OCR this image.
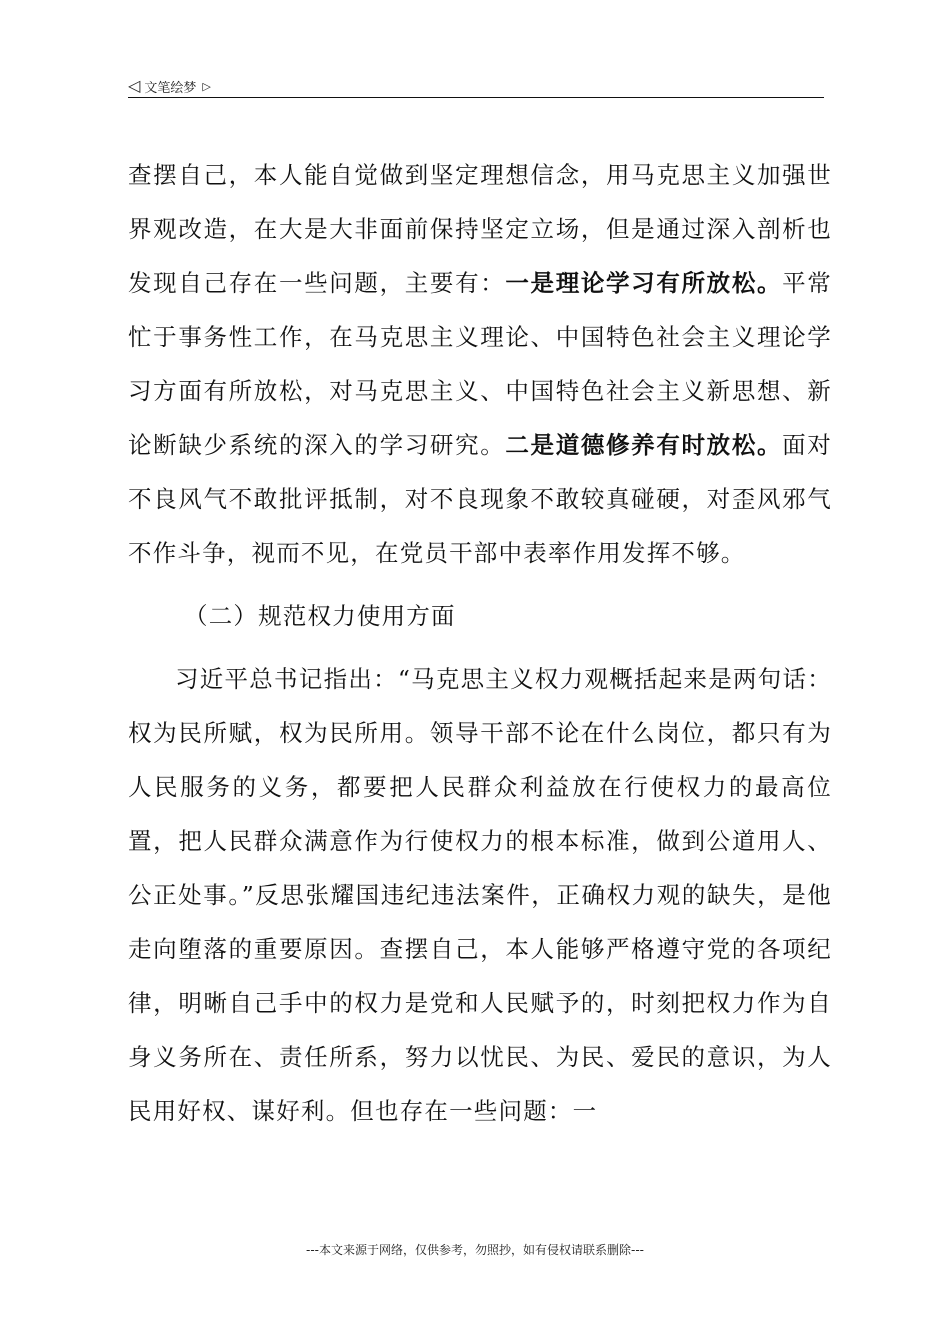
◁ 文笔绘梦 ▷

查摆自己，本人能自觉做到坚定理想信念，用马克思主义加强世界观改造，在大是大非面前保持坚定立场，但是通过深入剖析也发现自己存在一些问题，主要有：一是理论学习有所放松。平常忙于事务性工作，在马克思主义理论、中国特色社会主义理论学习方面有所放松，对马克思主义、中国特色社会主义新思想、新论断缺少系统的深入的学习研究。二是道德修养有时放松。面对不良风气不敢批评抵制，对不良现象不敢较真碰硬，对歪风邪气不作斗争，视而不见，在党员干部中表率作用发挥不够。

（二）规范权力使用方面

习近平总书记指出：“马克思主义权力观概括起来是两句话：权为民所赋，权为民所用。领导干部不论在什么岗位，都只有为人民服务的义务，都要把人民群众利益放在行使权力的最高位置，把人民群众满意作为行使权力的根本标准，做到公道用人、公正处事。”反思张耀国违纪违法案件，正确权力观的缺失，是他走向堕落的重要原因。查摆自己，本人能够严格遵守党的各项纪律，明晰自己手中的权力是党和人民赋予的，时刻把权力作为自身义务所在、责任所系，努力以忧民、为民、爱民的意识，为人民用好权、谋好利。但也存在一些问题：一

---本文来源于网络，仅供参考，勿照抄，如有侵权请联系删除---
